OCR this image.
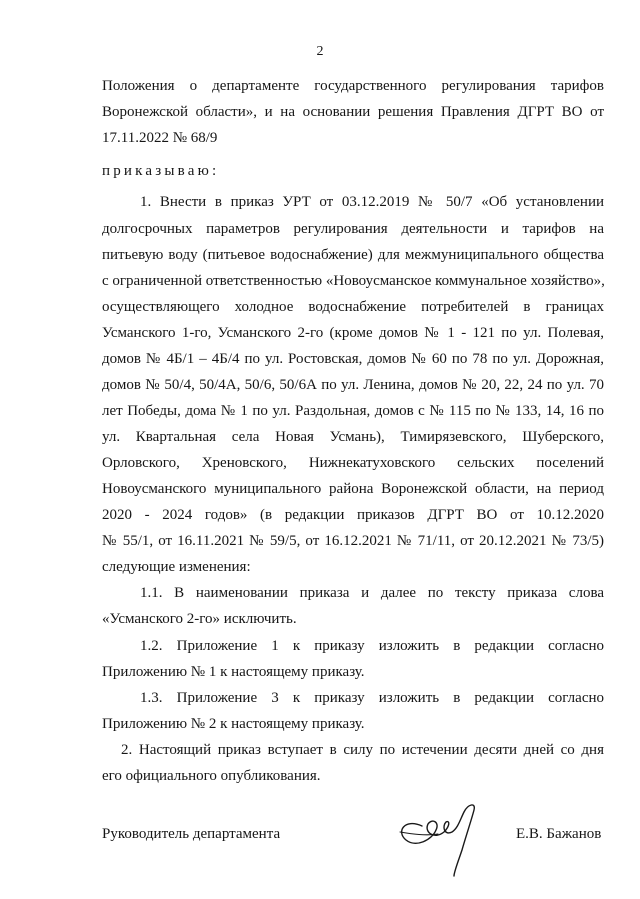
2
Положения о департаменте государственного регулирования тарифов
Воронежской области», и на основании решения Правления ДГРТ ВО от
17.11.2022 № 68/9
приказываю:
1. Внести в приказ УРТ от 03.12.2019 № 50/7 «Об установлении
долгосрочных параметров регулирования деятельности и тарифов на
питьевую воду (питьевое водоснабжение) для межмуниципального общества
с ограниченной ответственностью «Новоусманское коммунальное хозяйство»,
осуществляющего холодное водоснабжение потребителей в границах
Усманского 1-го, Усманского 2-го (кроме домов № 1 - 121 по ул. Полевая,
домов № 4Б/1 – 4Б/4 по ул. Ростовская, домов № 60 по 78 по ул. Дорожная,
домов № 50/4, 50/4А, 50/6, 50/6А по ул. Ленина, домов № 20, 22, 24 по ул. 70
лет Победы, дома № 1 по ул. Раздольная, домов с № 115 по № 133, 14, 16 по
ул. Квартальная села Новая Усмань), Тимирязевского, Шуберского,
Орловского, Хреновского, Нижнекатуховского сельских поселений
Новоусманского муниципального района Воронежской области, на период
2020 - 2024 годов» (в редакции приказов ДГРТ ВО от 10.12.2020
№ 55/1, от 16.11.2021 № 59/5, от 16.12.2021 № 71/11, от 20.12.2021 № 73/5)
следующие изменения:
1.1. В наименовании приказа и далее по тексту приказа слова
«Усманского 2-го» исключить.
1.2. Приложение 1 к приказу изложить в редакции согласно
Приложению № 1 к настоящему приказу.
1.3. Приложение 3 к приказу изложить в редакции согласно
Приложению № 2 к настоящему приказу.
2. Настоящий приказ вступает в силу по истечении десяти дней со дня
его официального опубликования.
Руководитель департамента	Е.В. Бажанов
